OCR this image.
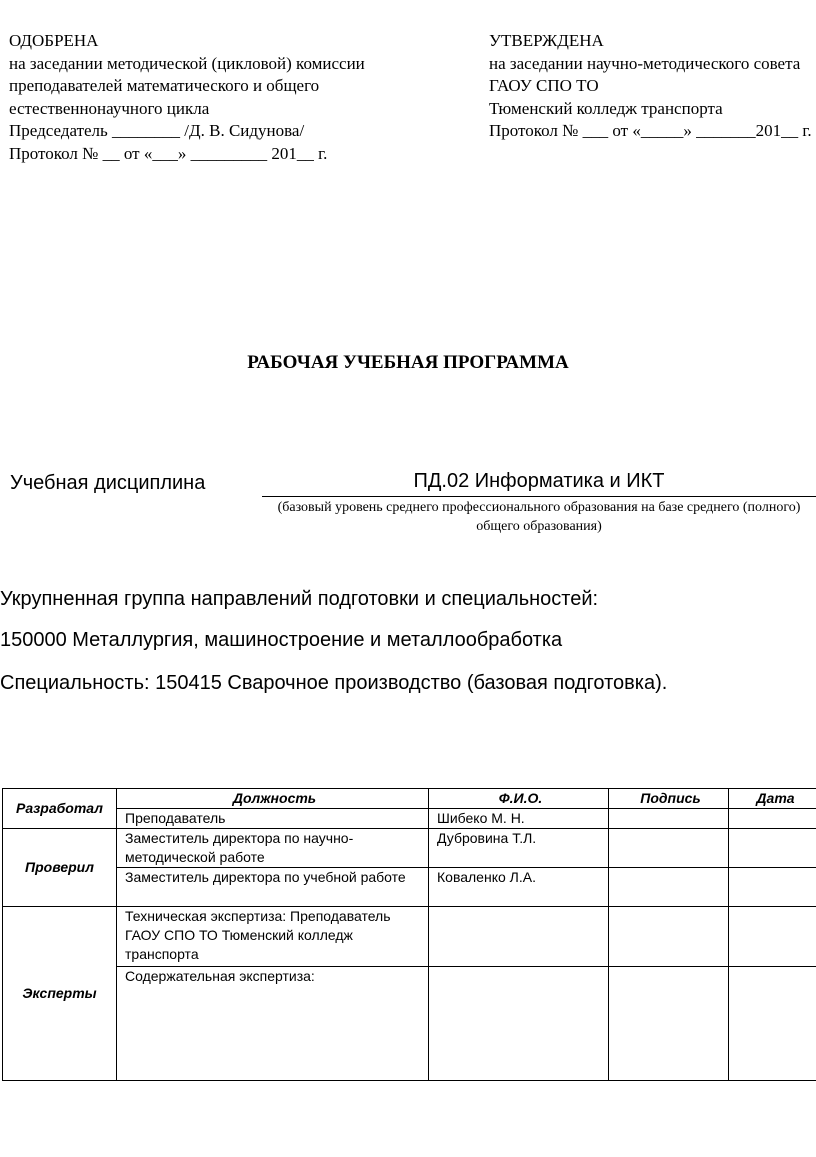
ОДОБРЕНА
на заседании методической (цикловой) комиссии
преподавателей математического и общего
естественнонаучного цикла
Председатель ________ /Д. В. Сидунова/
Протокол № __ от «___» _________ 201__ г.
УТВЕРЖДЕНА
на заседании научно-методического совета
ГАОУ СПО ТО
Тюменский колледж транспорта
Протокол № ___ от «_____» _______201__ г.
РАБОЧАЯ УЧЕБНАЯ ПРОГРАММА
Учебная дисциплина	ПД.02 Информатика и ИКТ
(базовый уровень среднего профессионального образования на базе среднего (полного) общего образования)
Укрупненная группа направлений подготовки и специальностей:
150000 Металлургия, машиностроение и металлообработка
Специальность: 150415 Сварочное производство (базовая подготовка).
Разработал	Должность	Ф.И.О.	Подпись	Дата
	Преподаватель	Шибеко М. Н.		
Проверил	Заместитель директора по научно-методической работе	Дубровина Т.Л.		
	Заместитель директора по учебной работе	Коваленко Л.А.		
Эксперты	Техническая экспертиза: Преподаватель ГАОУ СПО ТО Тюменский колледж транспорта			
	Содержательная экспертиза:			
